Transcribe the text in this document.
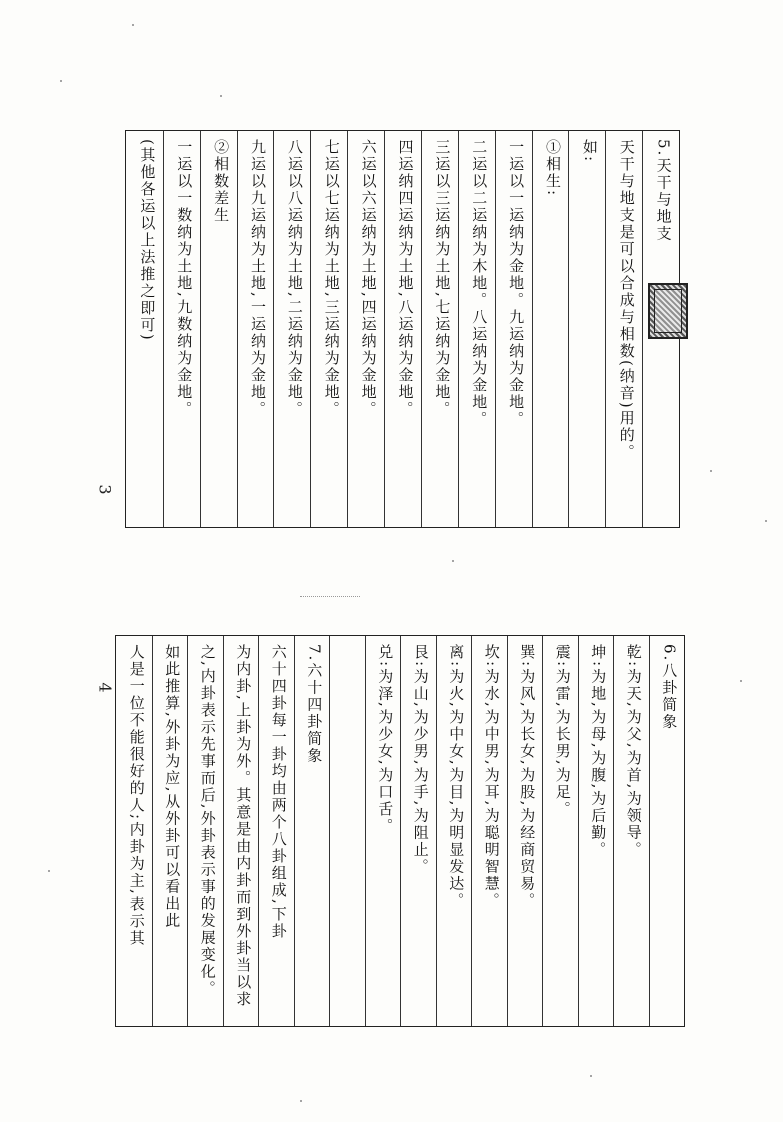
5.天干与地支
天干与地支是可以合成与相数(纳音)用的。
如:
①相生:
一运以一运纳为金地。九运纳为金地。
二运以二运纳为木地。八运纳为金地。
三运以三运纳为土地,七运纳为金地。
四运纳四运纳为土地,八运纳为金地。
六运以六运纳为土地,四运纳为金地。
七运以七运纳为土地,三运纳为金地。
八运以八运纳为土地,二运纳为金地。
九运以九运纳为土地,一运纳为金地。
②相数差生
一运以一数纳为土地,九数纳为金地。
(其他各运以上法推之即可)
3
6.八卦简象
乾:为天,为父,为首,为领导。
坤:为地,为母,为腹,为后勤。
震:为雷,为长男,为足。
巽:为风,为长女,为股,为经商贸易。
坎:为水,为中男,为耳,为聪明智慧。
离:为火,为中女,为目,为明显发达。
艮:为山,为少男,为手,为阻止。
兑:为泽,为少女,为口舌。
7.六十四卦简象
六十四卦每一卦均由两个八卦组成,下卦
为内卦,上卦为外。其意是由内卦而到外卦当以求
之,内卦表示先事而后,外卦表示事的发展变化。
如此推算,外卦为应,从外卦可以看出此
人是一位不能很好的人;内卦为主,表示其
4
